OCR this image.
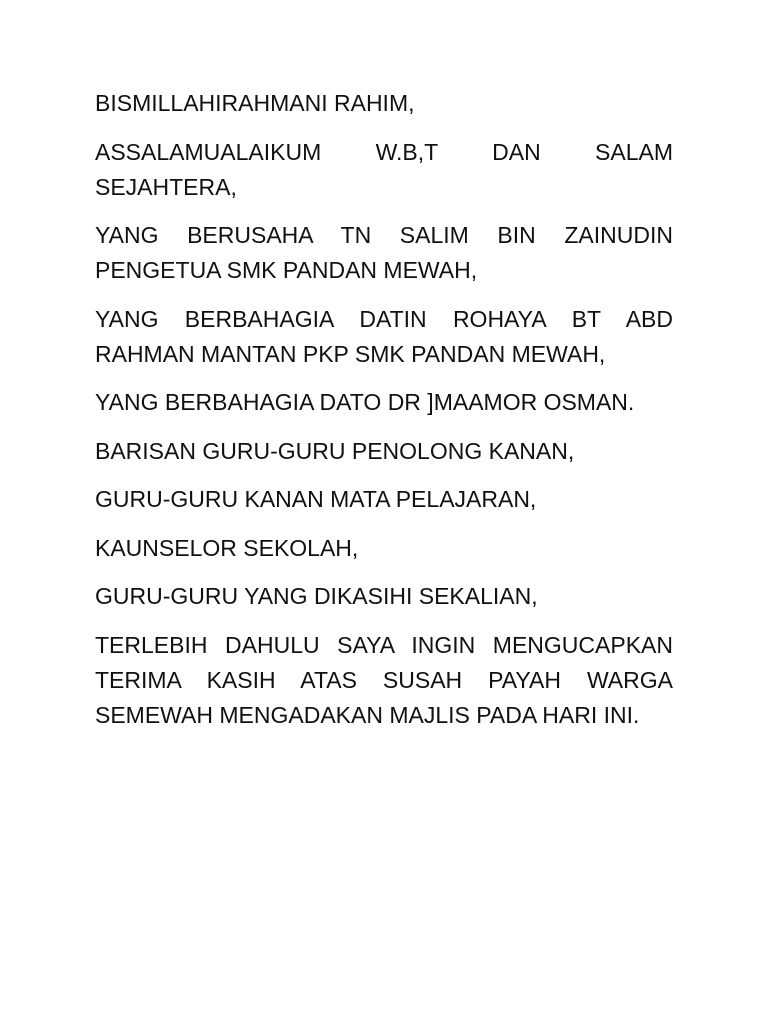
BISMILLAHIRAHMANI RAHIM,

ASSALAMUALAIKUM W.B,T DAN SALAM SEJAHTERA,

YANG BERUSAHA TN SALIM BIN ZAINUDIN PENGETUA SMK PANDAN MEWAH,

YANG BERBAHAGIA DATIN ROHAYA BT ABD RAHMAN MANTAN PKP SMK PANDAN MEWAH,

YANG BERBAHAGIA DATO DR ]MAAMOR OSMAN.

BARISAN GURU-GURU PENOLONG KANAN,

GURU-GURU KANAN MATA PELAJARAN,

KAUNSELOR SEKOLAH,

GURU-GURU YANG DIKASIHI SEKALIAN,

TERLEBIH DAHULU SAYA INGIN MENGUCAPKAN TERIMA KASIH ATAS SUSAH PAYAH WARGA SEMEWAH MENGADAKAN MAJLIS PADA HARI INI.
